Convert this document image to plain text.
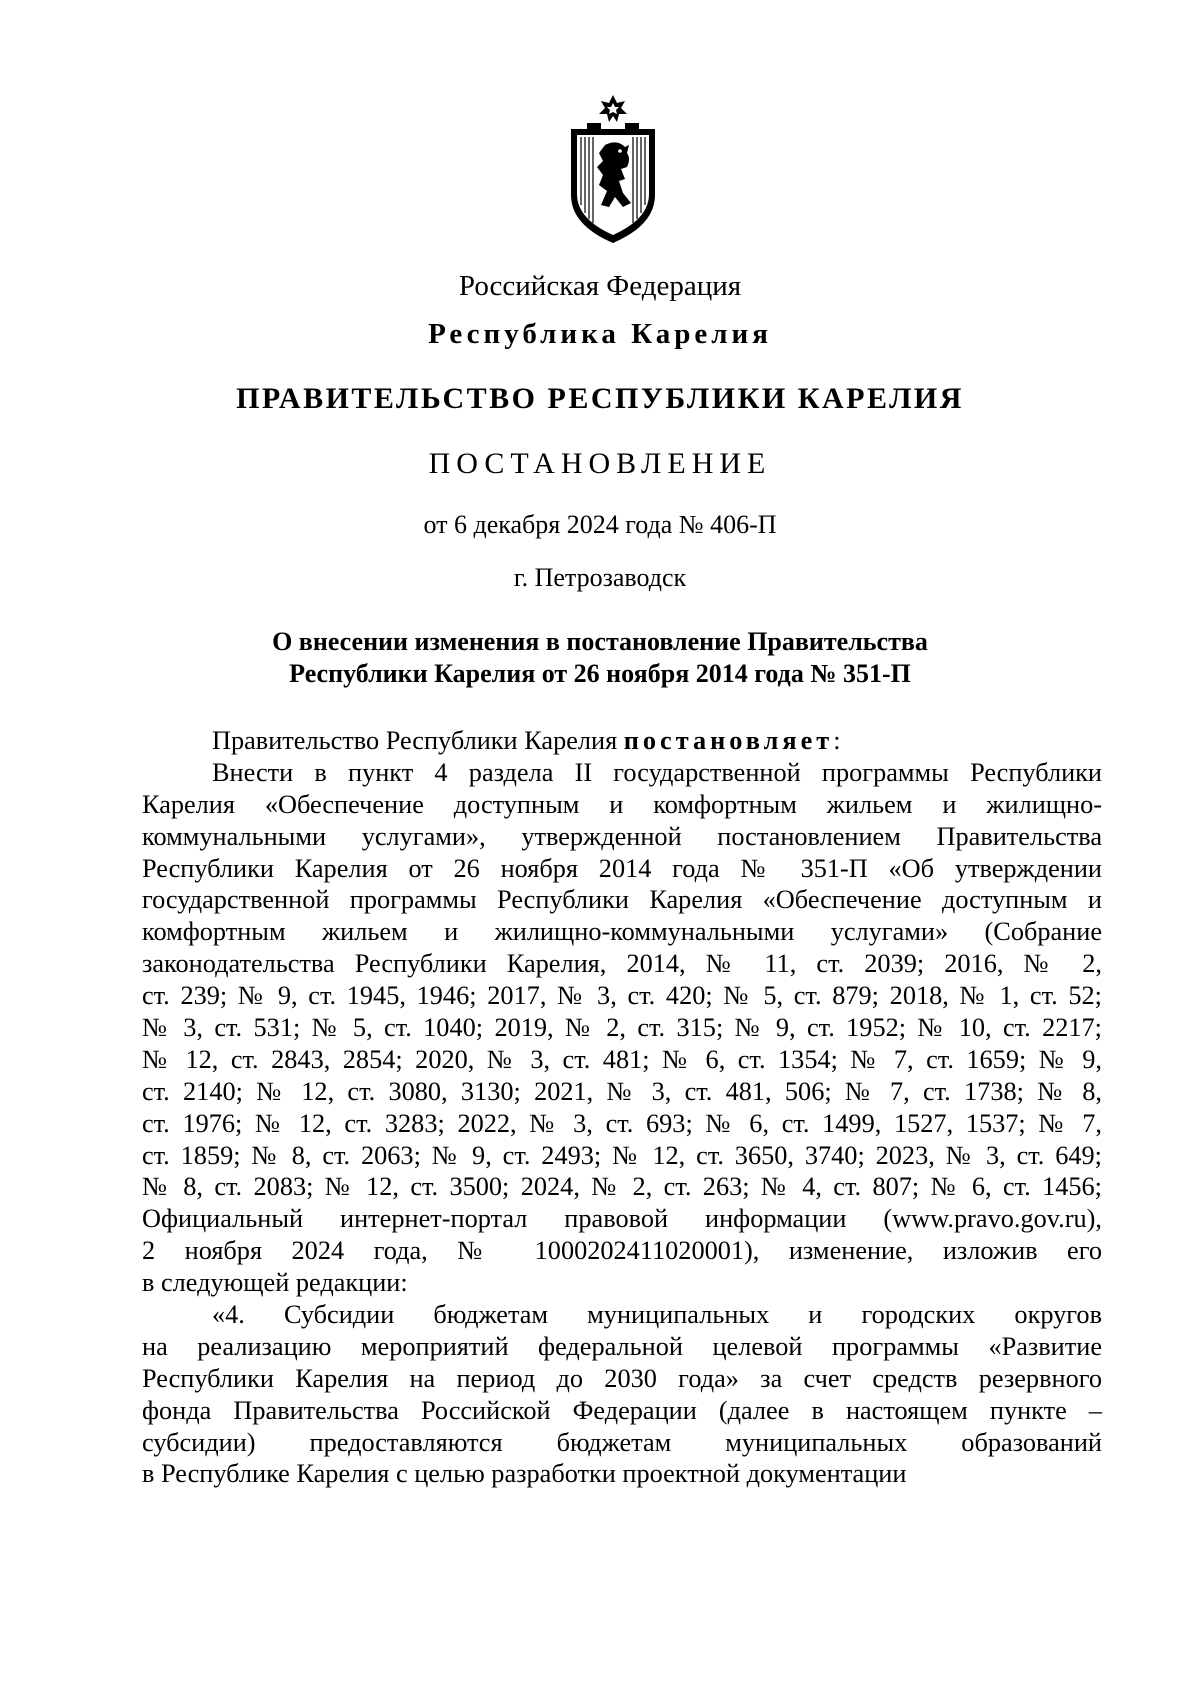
Российская Федерация
Республика Карелия
ПРАВИТЕЛЬСТВО РЕСПУБЛИКИ КАРЕЛИЯ
ПОСТАНОВЛЕНИЕ
от 6 декабря 2024 года № 406-П
г. Петрозаводск
О внесении изменения в постановление Правительства
Республики Карелия от 26 ноября 2014 года № 351-П
Правительство Республики Карелия постановляет:
Внести в пункт 4 раздела II государственной программы Республики
Карелия «Обеспечение доступным и комфортным жильем и жилищно-
коммунальными услугами», утвержденной постановлением Правительства
Республики Карелия от 26 ноября 2014 года № 351-П «Об утверждении
государственной программы Республики Карелия «Обеспечение доступным и
комфортным жильем и жилищно-коммунальными услугами» (Собрание
законодательства Республики Карелия, 2014, № 11, ст. 2039; 2016, № 2,
ст. 239; № 9, ст. 1945, 1946; 2017, № 3, ст. 420; № 5, ст. 879; 2018, № 1, ст. 52;
№ 3, ст. 531; № 5, ст. 1040; 2019, № 2, ст. 315; № 9, ст. 1952; № 10, ст. 2217;
№ 12, ст. 2843, 2854; 2020, № 3, ст. 481; № 6, ст. 1354; № 7, ст. 1659; № 9,
ст. 2140; № 12, ст. 3080, 3130; 2021, № 3, ст. 481, 506; № 7, ст. 1738; № 8,
ст. 1976; № 12, ст. 3283; 2022, № 3, ст. 693; № 6, ст. 1499, 1527, 1537; № 7,
ст. 1859; № 8, ст. 2063; № 9, ст. 2493; № 12, ст. 3650, 3740; 2023, № 3, ст. 649;
№ 8, ст. 2083; № 12, ст. 3500; 2024, № 2, ст. 263; № 4, ст. 807; № 6, ст. 1456;
Официальный интернет-портал правовой информации (www.pravo.gov.ru),
2 ноября 2024 года, № 1000202411020001), изменение, изложив его
в следующей редакции:
«4. Субсидии бюджетам муниципальных и городских округов
на реализацию мероприятий федеральной целевой программы «Развитие
Республики Карелия на период до 2030 года» за счет средств резервного
фонда Правительства Российской Федерации (далее в настоящем пункте –
субсидии) предоставляются бюджетам муниципальных образований
в Республике Карелия с целью разработки проектной документации
